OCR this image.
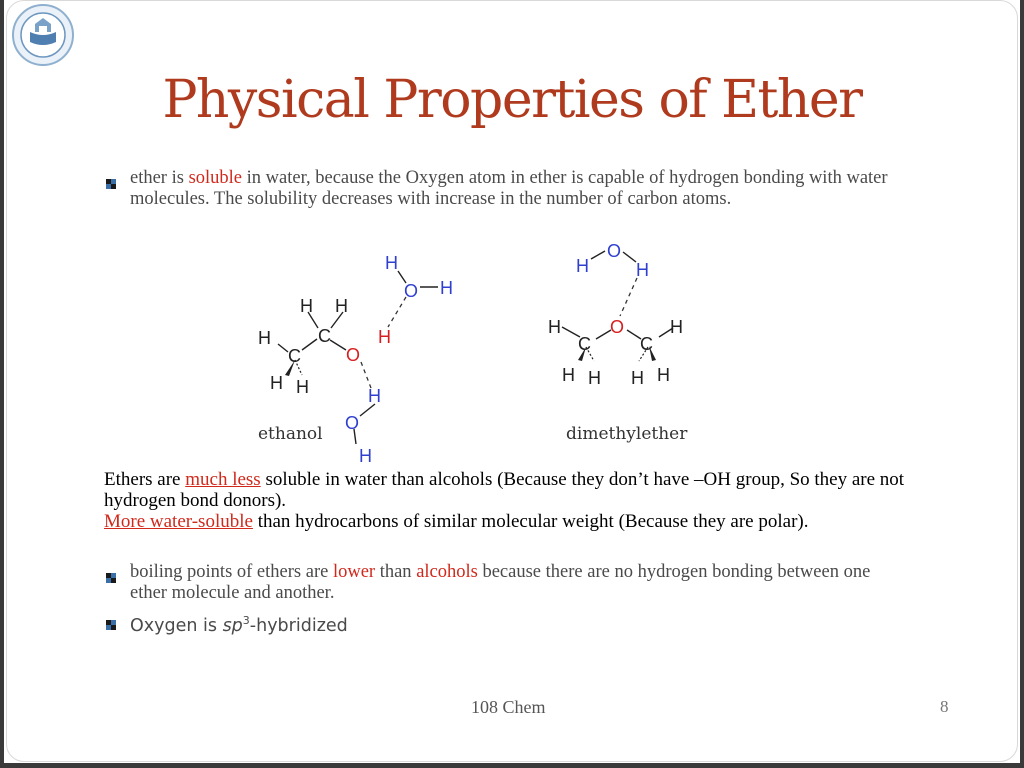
Physical Properties of Ether
ether is soluble in water, because the Oxygen atom in ether is capable of hydrogen bonding with water molecules. The solubility decreases with increase in the number of carbon atoms.
H
C
C
H H
H H
O
H
H
O H
H
O
H
H
C
O
C
H
H H H H
H
O
H
ethanol	dimethylether
Ethers are much less soluble in water than alcohols (Because they don’t have –OH group, So they are not hydrogen bond donors).
More water-soluble than hydrocarbons of similar molecular weight (Because they are polar).
boiling points of ethers are lower than alcohols because there are no hydrogen bonding between one ether molecule and another.
Oxygen is $sp^3$-hybridized
108 Chem	8
